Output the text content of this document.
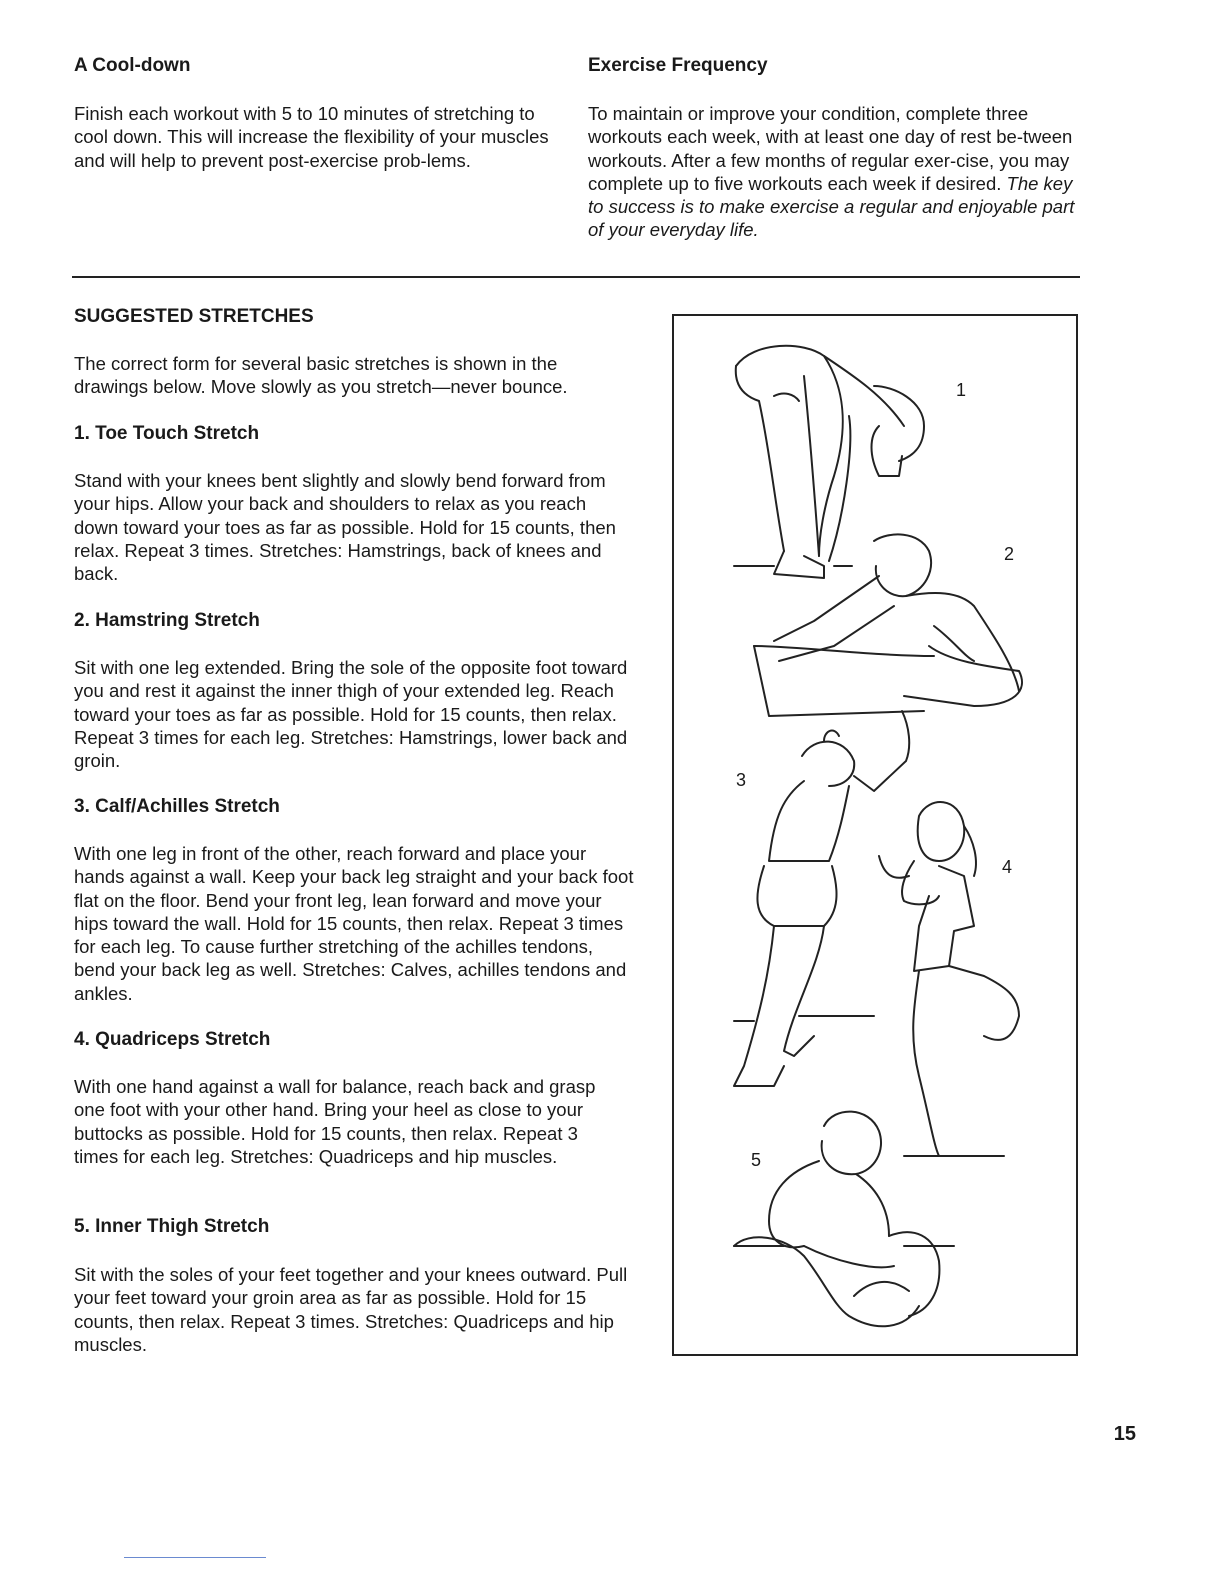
A Cool-down

Finish each workout with 5 to 10 minutes of stretching to cool down. This will increase the flexibility of your muscles and will help to prevent post-exercise prob-lems.

Exercise Frequency

To maintain or improve your condition, complete three workouts each week, with at least one day of rest be-tween workouts. After a few months of regular exer-cise, you may complete up to five workouts each week if desired. The key to success is to make exercise a regular and enjoyable part of your everyday life.

SUGGESTED STRETCHES

The correct form for several basic stretches is shown in the drawings below. Move slowly as you stretch—never bounce.

1. Toe Touch Stretch

Stand with your knees bent slightly and slowly bend forward from your hips. Allow your back and shoulders to relax as you reach down toward your toes as far as possible. Hold for 15 counts, then relax. Repeat 3 times. Stretches: Hamstrings, back of knees and back.

2. Hamstring Stretch

Sit with one leg extended. Bring the sole of the opposite foot toward you and rest it against the inner thigh of your extended leg. Reach toward your toes as far as possible. Hold for 15 counts, then relax. Repeat 3 times for each leg. Stretches: Hamstrings, lower back and groin.

3. Calf/Achilles Stretch

With one leg in front of the other, reach forward and place your hands against a wall. Keep your back leg straight and your back foot flat on the floor. Bend your front leg, lean forward and move your hips toward the wall. Hold for 15 counts, then relax. Repeat 3 times for each leg. To cause further stretching of the achilles tendons, bend your back leg as well. Stretches: Calves, achilles tendons and ankles.

4. Quadriceps Stretch

With one hand against a wall for balance, reach back and grasp one foot with your other hand. Bring your heel as close to your buttocks as possible. Hold for 15 counts, then relax. Repeat 3 times for each leg. Stretches: Quadriceps and hip muscles.

5. Inner Thigh Stretch

Sit with the soles of your feet together and your knees outward. Pull your feet toward your groin area as far as possible. Hold for 15 counts, then relax. Repeat 3 times. Stretches: Quadriceps and hip muscles.

1
2
3
4
5
15
